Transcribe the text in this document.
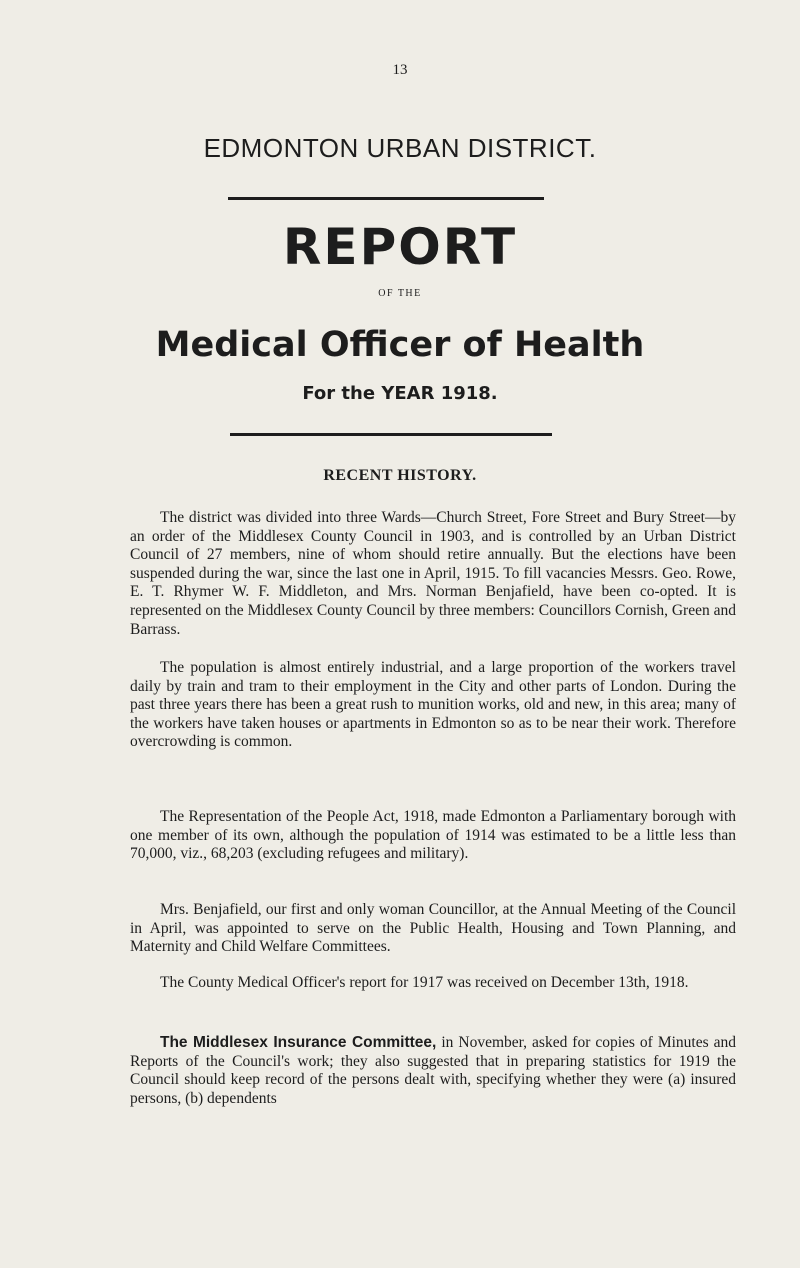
13
EDMONTON URBAN DISTRICT.
REPORT
OF THE
Medical Officer of Health
For the YEAR 1918.
RECENT HISTORY.

The district was divided into three Wards—Church Street, Fore Street and Bury Street—by an order of the Middlesex County Council in 1903, and is controlled by an Urban District Council of 27 members, nine of whom should retire annually. But the elections have been suspended during the war, since the last one in April, 1915. To fill vacancies Messrs. Geo. Rowe, E. T. Rhymer W. F. Middleton, and Mrs. Norman Benjafield, have been co-opted. It is represented on the Middlesex County Council by three members: Councillors Cornish, Green and Barrass.

The population is almost entirely industrial, and a large proportion of the workers travel daily by train and tram to their employment in the City and other parts of London. During the past three years there has been a great rush to munition works, old and new, in this area; many of the workers have taken houses or apartments in Edmonton so as to be near their work. Therefore overcrowding is common.

The Representation of the People Act, 1918, made Edmonton a Parliamentary borough with one member of its own, although the population of 1914 was estimated to be a little less than 70,000, viz., 68,203 (excluding refugees and military).

Mrs. Benjafield, our first and only woman Councillor, at the Annual Meeting of the Council in April, was appointed to serve on the Public Health, Housing and Town Planning, and Maternity and Child Welfare Committees.

The County Medical Officer's report for 1917 was received on December 13th, 1918.

The Middlesex Insurance Committee, in November, asked for copies of Minutes and Reports of the Council's work; they also suggested that in preparing statistics for 1919 the Council should keep record of the persons dealt with, specifying whether they were (a) insured persons, (b) dependents
